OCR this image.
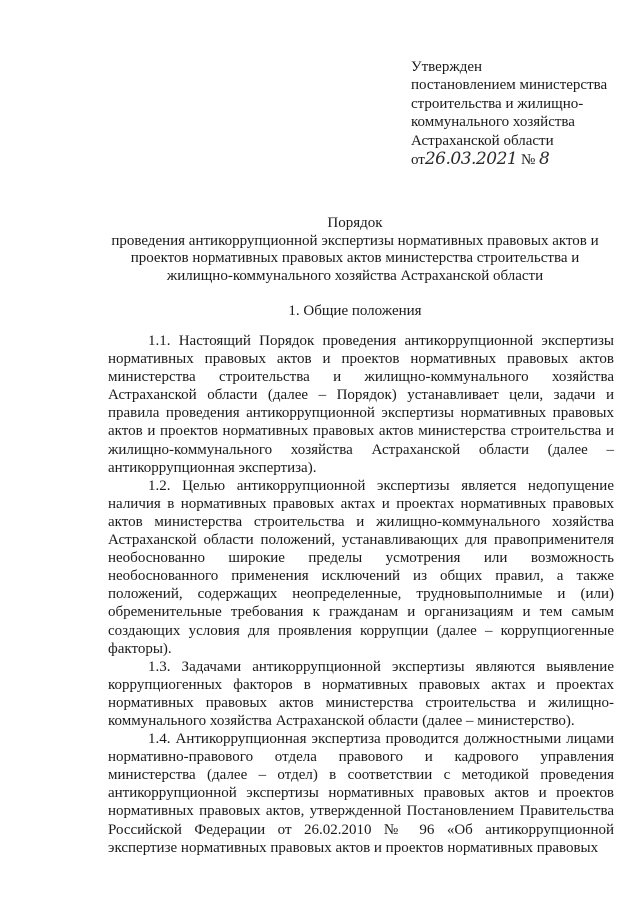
Утвержден
постановлением министерства
строительства и жилищно-
коммунального хозяйства
Астраханской области
от26.03.2021 № 8
Порядок
проведения антикоррупционной экспертизы нормативных правовых актов и
проектов нормативных правовых актов министерства строительства и
жилищно-коммунального хозяйства Астраханской области
1. Общие положения

1.1. Настоящий Порядок проведения антикоррупционной экспертизы нормативных правовых актов и проектов нормативных правовых актов министерства строительства и жилищно-коммунального хозяйства Астраханской области (далее – Порядок) устанавливает цели, задачи и правила проведения антикоррупционной экспертизы нормативных правовых актов и проектов нормативных правовых актов министерства строительства и жилищно-коммунального хозяйства Астраханской области (далее – антикоррупционная экспертиза).

1.2. Целью антикоррупционной экспертизы является недопущение наличия в нормативных правовых актах и проектах нормативных правовых актов министерства строительства и жилищно-коммунального хозяйства Астраханской области положений, устанавливающих для правоприменителя необоснованно широкие пределы усмотрения или возможность необоснованного применения исключений из общих правил, а также положений, содержащих неопределенные, трудновыполнимые и (или) обременительные требования к гражданам и организациям и тем самым создающих условия для проявления коррупции (далее – коррупциогенные факторы).

1.3. Задачами антикоррупционной экспертизы являются выявление коррупциогенных факторов в нормативных правовых актах и проектах нормативных правовых актов министерства строительства и жилищно-коммунального хозяйства Астраханской области (далее – министерство).

1.4. Антикоррупционная экспертиза проводится должностными лицами нормативно-правового отдела правового и кадрового управления министерства (далее – отдел) в соответствии с методикой проведения антикоррупционной экспертизы нормативных правовых актов и проектов нормативных правовых актов, утвержденной Постановлением Правительства Российской Федерации от 26.02.2010 № 96 «Об антикоррупционной экспертизе нормативных правовых актов и проектов нормативных правовых
